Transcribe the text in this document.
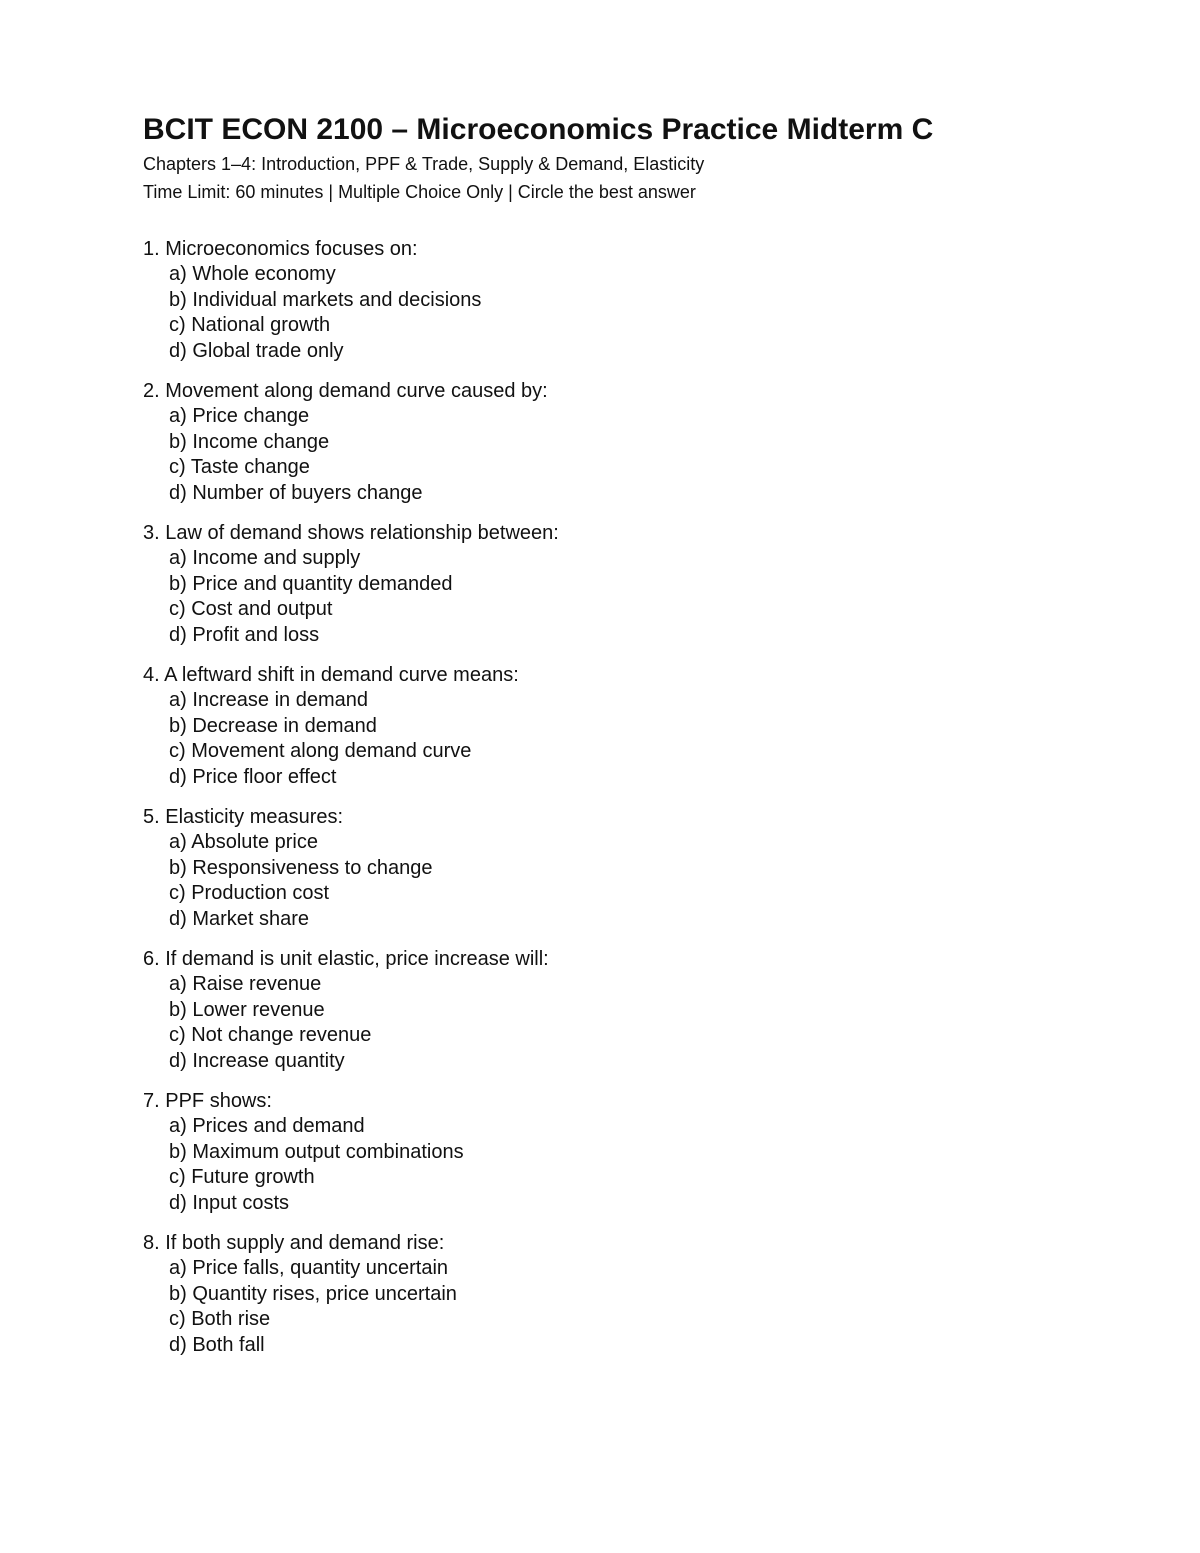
BCIT ECON 2100 – Microeconomics Practice Midterm C

Chapters 1–4: Introduction, PPF & Trade, Supply & Demand, Elasticity

Time Limit: 60 minutes | Multiple Choice Only | Circle the best answer

1. Microeconomics focuses on:

a) Whole economy

b) Individual markets and decisions

c) National growth

d) Global trade only

2. Movement along demand curve caused by:

a) Price change

b) Income change

c) Taste change

d) Number of buyers change

3. Law of demand shows relationship between:

a) Income and supply

b) Price and quantity demanded

c) Cost and output

d) Profit and loss

4. A leftward shift in demand curve means:

a) Increase in demand

b) Decrease in demand

c) Movement along demand curve

d) Price floor effect

5. Elasticity measures:

a) Absolute price

b) Responsiveness to change

c) Production cost

d) Market share

6. If demand is unit elastic, price increase will:

a) Raise revenue

b) Lower revenue

c) Not change revenue

d) Increase quantity

7. PPF shows:

a) Prices and demand

b) Maximum output combinations

c) Future growth

d) Input costs

8. If both supply and demand rise:

a) Price falls, quantity uncertain

b) Quantity rises, price uncertain

c) Both rise

d) Both fall
